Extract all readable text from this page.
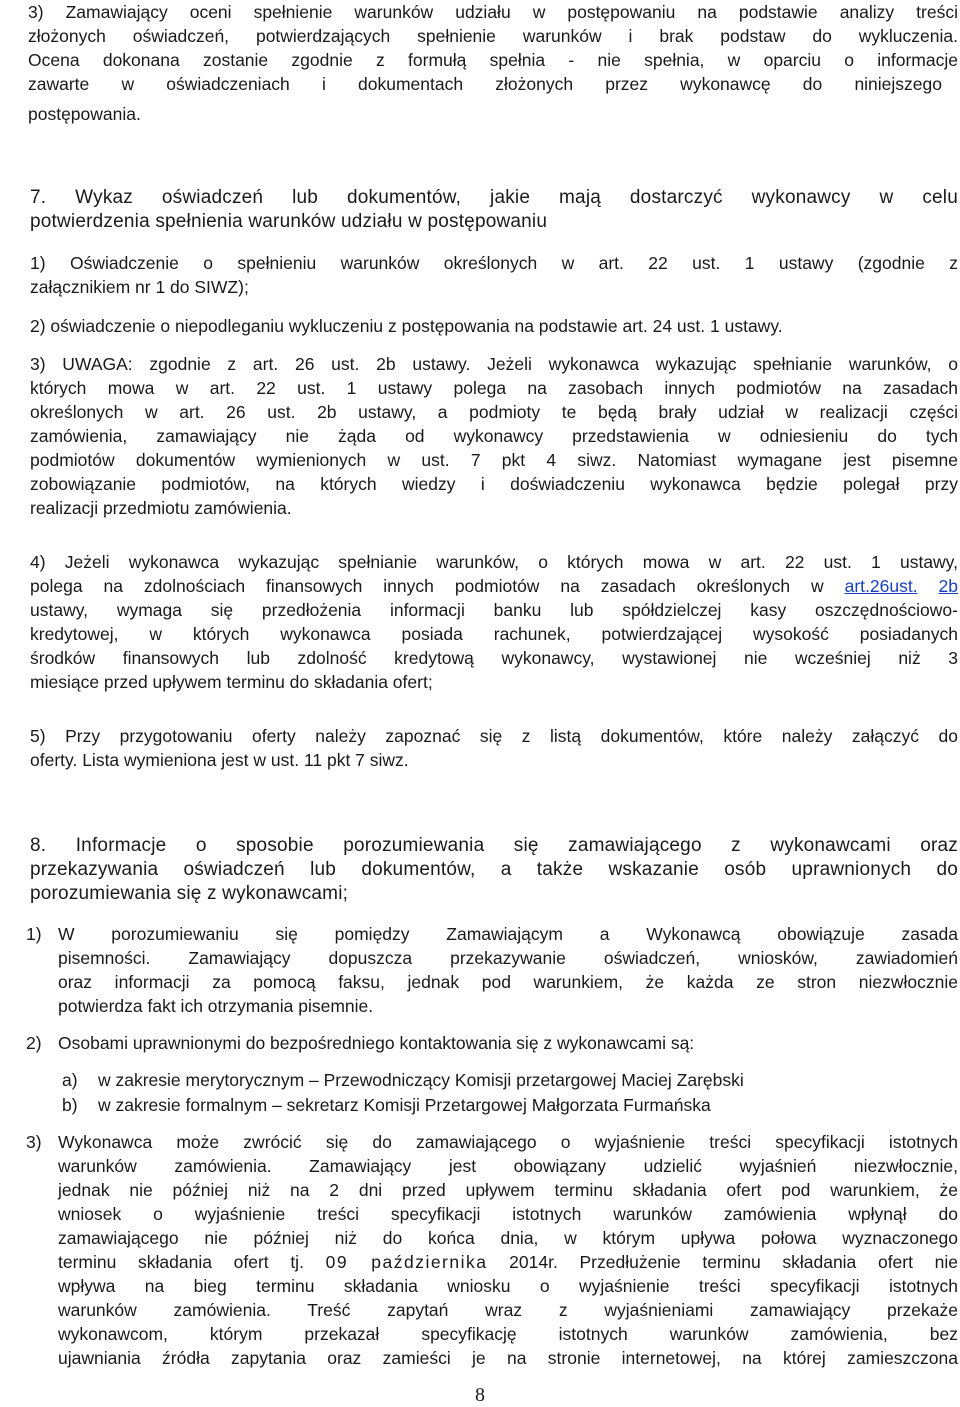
3) Zamawiający oceni spełnienie warunków udziału w postępowaniu na podstawie analizy treści

złożonych oświadczeń, potwierdzających spełnienie warunków i brak podstaw do wykluczenia.

Ocena dokonana zostanie zgodnie z formułą spełnia - nie spełnia, w oparciu o informacje

zawarte w oświadczeniach i dokumentach złożonych przez wykonawcę do niniejszego

postępowania.

7. Wykaz oświadczeń lub dokumentów, jakie mają dostarczyć wykonawcy w celu

potwierdzenia spełnienia warunków udziału w postępowaniu

1) Oświadczenie o spełnieniu warunków określonych w art. 22 ust. 1 ustawy (zgodnie z

załącznikiem nr 1 do SIWZ);

2) oświadczenie o niepodleganiu wykluczeniu z postępowania na podstawie art. 24 ust. 1 ustawy.

3) UWAGA: zgodnie z art. 26 ust. 2b ustawy. Jeżeli wykonawca wykazując spełnianie warunków, o

których mowa w art. 22 ust. 1 ustawy polega na zasobach innych podmiotów na zasadach

określonych w art. 26 ust. 2b ustawy, a podmioty te będą brały udział w realizacji części

zamówienia, zamawiający nie żąda od wykonawcy przedstawienia w odniesieniu do tych

podmiotów dokumentów wymienionych w ust. 7 pkt 4 siwz. Natomiast wymagane jest pisemne

zobowiązanie podmiotów, na których wiedzy i doświadczeniu wykonawca będzie polegał przy

realizacji przedmiotu zamówienia.

4) Jeżeli wykonawca wykazując spełnianie warunków, o których mowa w art. 22 ust. 1 ustawy,

polega na zdolnościach finansowych innych podmiotów na zasadach określonych w art.26ust. 2b

ustawy, wymaga się przedłożenia informacji banku lub spółdzielczej kasy oszczędnościowo-

kredytowej, w których wykonawca posiada rachunek, potwierdzającej wysokość posiadanych

środków finansowych lub zdolność kredytową wykonawcy, wystawionej nie wcześniej niż 3

miesiące przed upływem terminu do składania ofert;

5) Przy przygotowaniu oferty należy zapoznać się z listą dokumentów, które należy załączyć do

oferty. Lista wymieniona jest w ust. 11 pkt 7 siwz.

8. Informacje o sposobie porozumiewania się zamawiającego z wykonawcami oraz

przekazywania oświadczeń lub dokumentów, a także wskazanie osób uprawnionych do

porozumiewania się z wykonawcami;

1) W porozumiewaniu się pomiędzy Zamawiającym a Wykonawcą obowiązuje zasada

pisemności. Zamawiający dopuszcza przekazywanie oświadczeń, wniosków, zawiadomień

oraz informacji za pomocą faksu, jednak pod warunkiem, że każda ze stron niezwłocznie

potwierdza fakt ich otrzymania pisemnie.

2) Osobami uprawnionymi do bezpośredniego kontaktowania się z wykonawcami są:

a) w zakresie merytorycznym – Przewodniczący Komisji przetargowej Maciej Zarębski
b) w zakresie formalnym – sekretarz Komisji Przetargowej Małgorzata Furmańska
3) Wykonawca może zwrócić się do zamawiającego o wyjaśnienie treści specyfikacji istotnych

warunków zamówienia. Zamawiający jest obowiązany udzielić wyjaśnień niezwłocznie,

jednak nie później niż na 2 dni przed upływem terminu składania ofert pod warunkiem, że

wniosek o wyjaśnienie treści specyfikacji istotnych warunków zamówienia wpłynął do

zamawiającego nie później niż do końca dnia, w którym upływa połowa wyznaczonego

terminu składania ofert tj. 09 października 2014r. Przedłużenie terminu składania ofert nie

wpływa na bieg terminu składania wniosku o wyjaśnienie treści specyfikacji istotnych

warunków zamówienia. Treść zapytań wraz z wyjaśnieniami zamawiający przekaże

wykonawcom, którym przekazał specyfikację istotnych warunków zamówienia, bez

ujawniania źródła zapytania oraz zamieści je na stronie internetowej, na której zamieszczona

8
